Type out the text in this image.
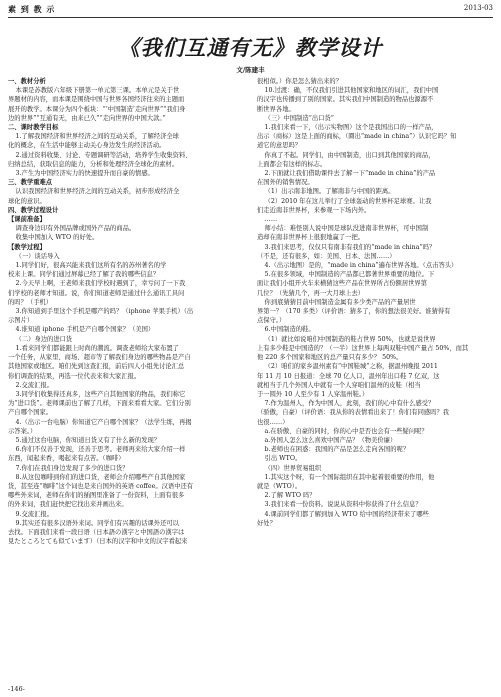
素 到 教 示	2013-03
《我们互通有无》教学设计
文/陈建丰

一、教材分析

本课是苏教版六年级下册第一单元第三课。本单元是关于世

界题材的内容，而本课是围绕中国与世界各国经济往来的主题而

展开的教学。本课分为四个板块：“‘中国制造’走向世界”“我们身

边的世界”“互通有无，由来已久”“走向世界的中国大款。”

二、课时教学目标

1.了解我国经济和世界经济之间的互动关系，了解经济全球

化的概念，在生活中能够主动关心身边发生的经济活动。

2.通过资料收集、讨论、专题调研等活动，培养学生收集资料、

归纳总结，获取信息的能力，分析和处理经济全球化的素材。

3.产生为中国经济实力的快速提升而自豪的情感。

三、教学重难点

认识我国经济和世界经济之间的互动关系，初步形成经济全

球化的意识。

四、教学过程设计

【课前准备】

调查身边印有外国品牌或国外产品的商品。

收集中国加入 WTO 的好处。

【教学过程】

（一）谈话导入

1.同学们好，很高兴能来我们这所有名的苏州著名的学

校来上课。同学们通过屏幕已经了解了我的哪些信息？

2.今天早上啊，王老师来我们学校时遇到了，幸亏问了一下我

们学校的老师才知道。说，你们知道老师是通过什么通讯工具问

的吗？（手机）

3.你知道到手里这个手机是哪产的吗？（iphone 苹果手机）（出

示图片）

4.谁知道 iphone 手机是产自哪个国家？（美国）

（二）身边的进口货

1.看来同学们都能跟上时尚的潮流。调查老师给大家布置了

一个任务，从家里、商场、超市等了解我们身边的哪些物品是产自

其他国家或地区。咱们先到这查汇报，前后四人小组先讨论汇总

你们调查的结果，再选一位代表来和大家汇报。

2.交流汇报。

3.同学们收集得还真多，这些产自其他国家的物品，我们称它

为“进口货”。老师课前也了解了几样，下面来看看大家。它们分别

产自哪个国家。

4.（出示一台电脑）你知道它产自哪个国家？（法学生练，再揭

示答案。）

5.通过这台电脑，你知道日货又有了什么新的发现？

6.你们不仅善于发现，还善于思考。老师再来给大家介绍一样

东西，闻起来香，喝起来有点苦。（咖啡）

7.你们在我们身边发现了多少的进口货？

8.从这包咖啡到你们的进口货，老师会介绍哪些产自其他国家

货，甚至连“咖啡”这个词也是来自国外的英语 coffee。汉语中还有

哪些外来词，老师在你们的插图里准备了一份资料，上面有很多

的外来词，我们赶快把它找出来并画出来。

9.交流汇报。

9.其实还有很多汉语外来词。同学们有兴趣的话课外还可以

去找。下面我们来看一段日语（日本語の漢字と中国語の漢字は

見たところとても似ています）（日本的汉字和中文的汉字看起来

很相似。）你是怎么猜出来的？

10.过渡：确，不仅我们引进其他国家和地区的词汇，我们中国

的汉字也传播到了别的国家。其实我们中国制造的物品也源源不

断世界各地。

（三）中国制造“出口货”

1.我们来看一下，（出示实物图）这个是我国出口的一样产品，

出示（商标）这是上面的商标，（圈出“made in china”）认识它吗？知

道它的意思吗？

你真了不起。同学们，由中国制造，出口到其他国家的商品，

上面都会有这样的标志。

2.下面就让我们借助课件去了解一下“made in china”的产品

在国外的销售情况。

（1）出示南非地图。了解南非与中国的距离。

（2）2010 年在这儿举行了全球轰动的世界杯足球赛。让我

们走近南非世界杯，来参观一下场内外。

……

师小结：难怪别人说中国是球队没进南非世界杯，可中国制

造却在南非世界杯上很狠地赢了一把。

3.我们来思考，仅仅只有南非有我们的“made in china”吗？

（不是，还有很多，如：美国、日本、法国……）

4.（出示地图）是的，“made in china”遍布世界各地。（点击答头）

5.在很多领域，中国制造的产品都已都著世界重要的地位。下

面让我们小组开火车来横猜这些产品在世界所占份额居世界第

几位？（先猜几个，再一大月球上去）

你到底猜猜目前中国制造金属有多少类产品的产量居世

界第一？（170 多类）（评价语：猜多了，你的想法很美好。谁猜得有

点保守。）

6.中国制造的鞋。

（1）就比如说咱们中国制造的鞋占世界 50%，也就是说世界

上有多少鞋是中国造的？（一半）这世界上每两双鞋中国产量占 50%，而其

他 220 多个国家和地区的总产量只有多少？ 50%。

（2）咱们的家乡温州素有“中国鞋城”之称，据温州晚报 2011

年 11 月 10 日报道：全球 70 亿人口，温州年出口鞋 7 亿双，这

就相当于几个外国人中就有一个人穿咱们温州的皮鞋（相当

于一圆外 10 人至少有 1 人穿温州鞋。）

7.作为温州人，作为中国人，此刻，我们的心中有什么感受？

（骄傲，自豪）（评价语：我从你的表情看出来了！你们有同感吗？我

也很……）

a.在骄傲、自豪的同时，你的心中是否也会有一些疑问呢？

a.外国人怎么这么喜欢中国产品？（物美价廉）

b.老师也在困惑：我国的产品是怎么走向各国的呢？

引出 WTO。

（四）世界贸易组织

1.其实这个呀，有一个国际组织在其中起着很重要的作用，他

就是（WTO）。

2.了解 WTO 吗？

3.我们来看一份资料。说说从资料中你获得了什么信息？

4.课前同学们都了解到加入 WTO 给中国的经济带来了哪些

好处？

-146-
